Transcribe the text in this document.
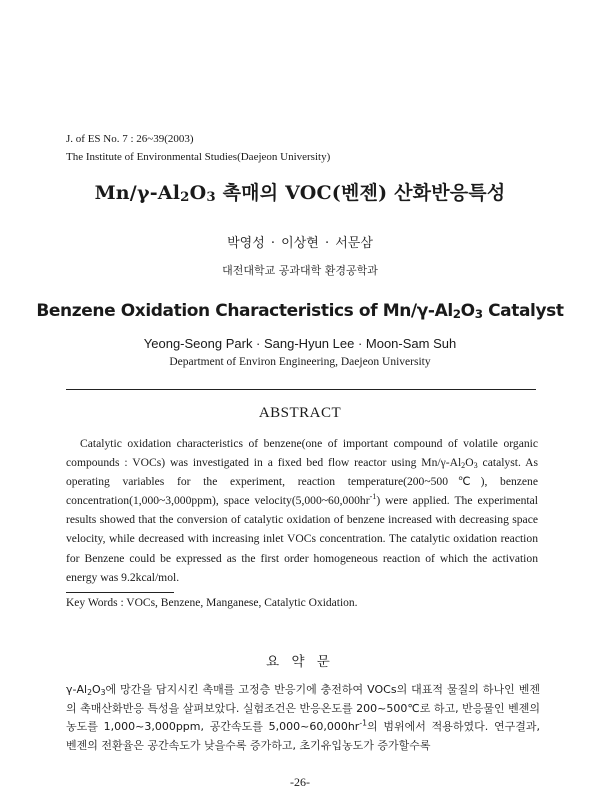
J. of ES No. 7 : 26~39(2003)
The Institute of Environmental Studies(Daejeon University)
$Mn/\gamma-Al_2O_3$ 촉매의 VOC(벤젠) 산화반응특성
박영성 · 이상현 · 서문삼
대전대학교 공과대학 환경공학과
Benzene Oxidation Characteristics of $Mn/\gamma-Al_2O_3$ Catalyst
Yeong-Seong Park · Sang-Hyun Lee · Moon-Sam Suh
Department of Environ Engineering, Daejeon University
ABSTRACT
Catalytic oxidation characteristics of benzene(one of important compound of volatile organic compounds : VOCs) was investigated in a fixed bed flow reactor using $Mn/\gamma-Al_2O_3$ catalyst. As operating variables for the experiment, reaction temperature(200~500℃), benzene concentration(1,000~3,000ppm), space $velocity(5,000\sim 60,000hr^{-1})$ were applied. The experimental results showed that the conversion of catalytic oxidation of benzene increased with decreasing space velocity, while decreased with increasing inlet VOCs concentration. The catalytic oxidation reaction for Benzene could be expressed as the first order homogeneous reaction of which the activation energy was 9.2kcal/mol.
Key Words : VOCs, Benzene, Manganese, Catalytic Oxidation.
요 약 문
$\gamma-Al_2O_3$에 망간을 담지시킨 촉매를 고정층 반응기에 충전하여 VOCs의 대표적 물질의 하나인 벤젠의 촉매산화반응 특성을 살펴보았다. 실험조건은 반응온도를 200~500℃로 하고, 반응물인 벤젠의 농도를 1,000~3,000ppm, 공간속도를 $5,000\sim 60,000hr^{-1}$의 범위에서 적용하였다. 연구결과, 벤젠의 전환율은 공간속도가 낮을수록 증가하고, 초기유입농도가 증가할수록
-26-
